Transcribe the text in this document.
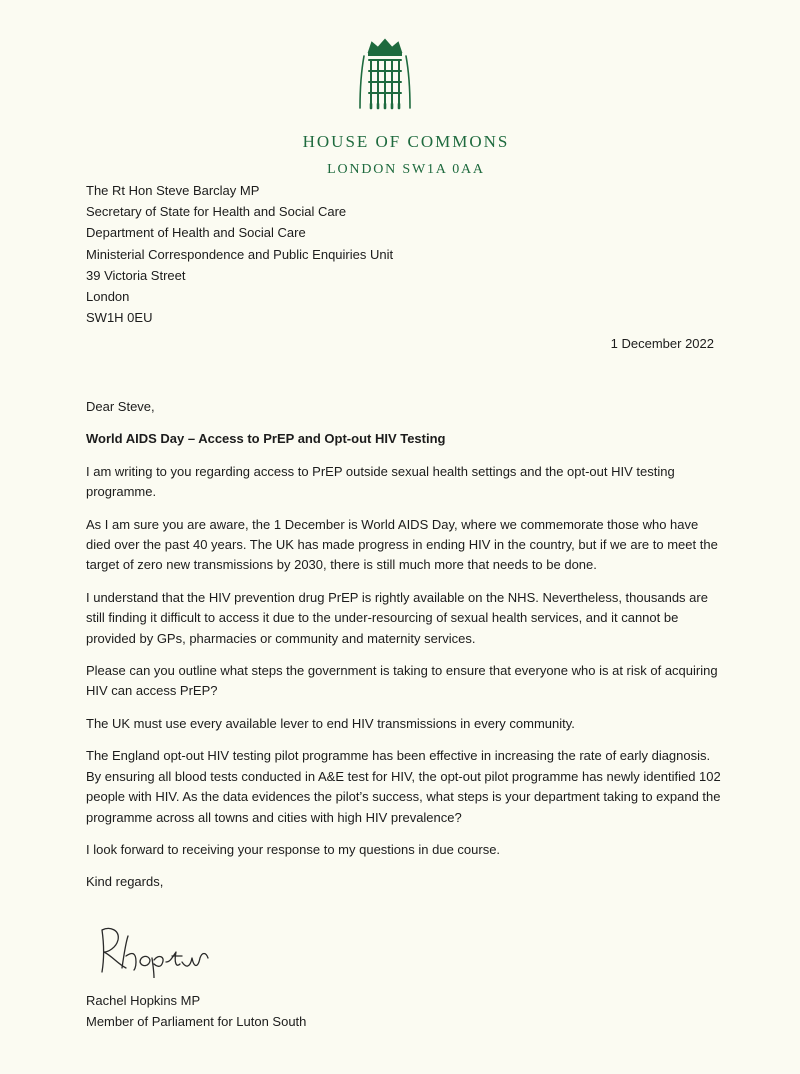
HOUSE OF COMMONS
LONDON SW1A 0AA
The Rt Hon Steve Barclay MP
Secretary of State for Health and Social Care
Department of Health and Social Care
Ministerial Correspondence and Public Enquiries Unit
39 Victoria Street
London
SW1H 0EU
1 December 2022

Dear Steve,

World AIDS Day – Access to PrEP and Opt-out HIV Testing

I am writing to you regarding access to PrEP outside sexual health settings and the opt-out HIV testing programme.

As I am sure you are aware, the 1 December is World AIDS Day, where we commemorate those who have died over the past 40 years. The UK has made progress in ending HIV in the country, but if we are to meet the target of zero new transmissions by 2030, there is still much more that needs to be done.

I understand that the HIV prevention drug PrEP is rightly available on the NHS. Nevertheless, thousands are still finding it difficult to access it due to the under-resourcing of sexual health services, and it cannot be provided by GPs, pharmacies or community and maternity services.

Please can you outline what steps the government is taking to ensure that everyone who is at risk of acquiring HIV can access PrEP?

The UK must use every available lever to end HIV transmissions in every community.

The England opt-out HIV testing pilot programme has been effective in increasing the rate of early diagnosis. By ensuring all blood tests conducted in A&E test for HIV, the opt-out pilot programme has newly identified 102 people with HIV. As the data evidences the pilot’s success, what steps is your department taking to expand the programme across all towns and cities with high HIV prevalence?

I look forward to receiving your response to my questions in due course.

Kind regards,

Rachel Hopkins MP
Member of Parliament for Luton South
